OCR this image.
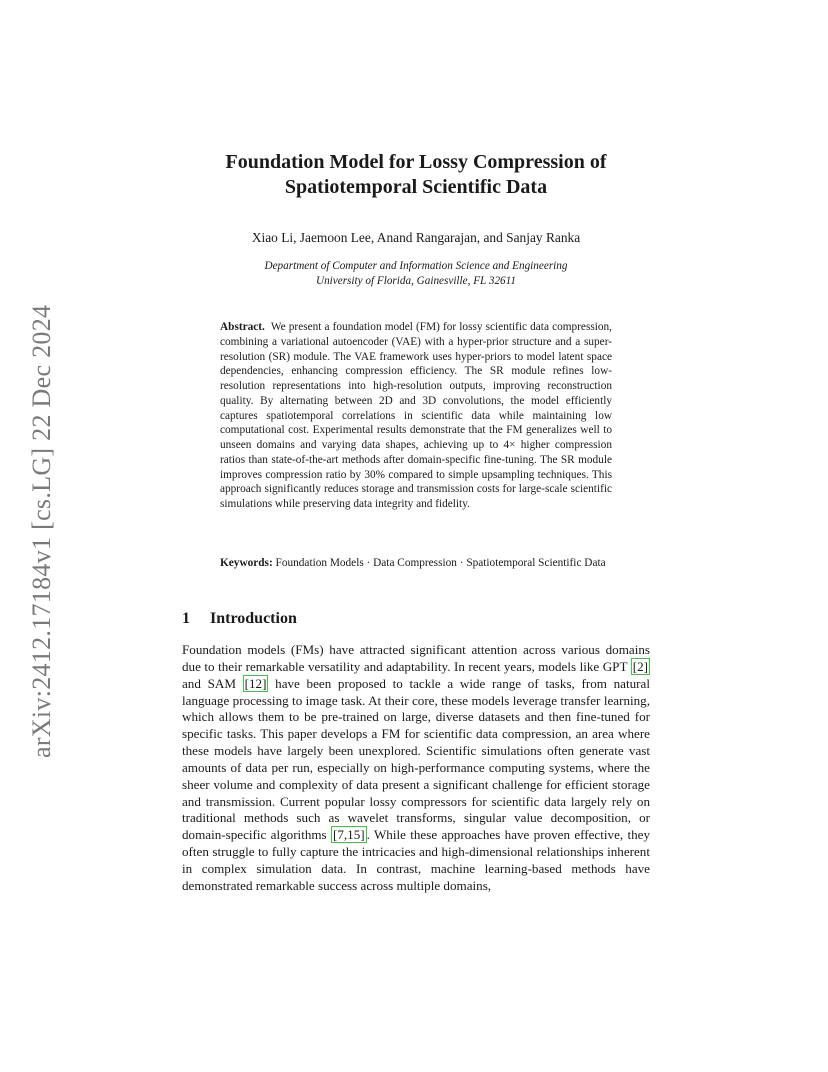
arXiv:2412.17184v1 [cs.LG] 22 Dec 2024
Foundation Model for Lossy Compression of
Spatiotemporal Scientific Data
Xiao Li, Jaemoon Lee, Anand Rangarajan, and Sanjay Ranka
Department of Computer and Information Science and Engineering
University of Florida, Gainesville, FL 32611

Abstract. We present a foundation model (FM) for lossy scientific data compression, combining a variational autoencoder (VAE) with a hyper-prior structure and a super-resolution (SR) module. The VAE framework uses hyper-priors to model latent space dependencies, enhancing compression efficiency. The SR module refines low-resolution representations into high-resolution outputs, improving reconstruction quality. By alternating between 2D and 3D convolutions, the model efficiently captures spatiotemporal correlations in scientific data while maintaining low computational cost. Experimental results demonstrate that the FM generalizes well to unseen domains and varying data shapes, achieving up to 4× higher compression ratios than state-of-the-art methods after domain-specific fine-tuning. The SR module improves compression ratio by 30% compared to simple upsampling techniques. This approach significantly reduces storage and transmission costs for large-scale scientific simulations while preserving data integrity and fidelity.

Keywords: Foundation Models · Data Compression · Spatiotemporal Scientific Data

1 Introduction

Foundation models (FMs) have attracted significant attention across various domains due to their remarkable versatility and adaptability. In recent years, models like GPT [2] and SAM [12] have been proposed to tackle a wide range of tasks, from natural language processing to image task. At their core, these models leverage transfer learning, which allows them to be pre-trained on large, diverse datasets and then fine-tuned for specific tasks. This paper develops a FM for scientific data compression, an area where these models have largely been unexplored. Scientific simulations often generate vast amounts of data per run, especially on high-performance computing systems, where the sheer volume and complexity of data present a significant challenge for efficient storage and transmission. Current popular lossy compressors for scientific data largely rely on traditional methods such as wavelet transforms, singular value decomposition, or domain-specific algorithms [7,15] . While these approaches have proven effective, they often struggle to fully capture the intricacies and high-dimensional relationships inherent in complex simulation data. In contrast, machine learning-based methods have demonstrated remarkable success across multiple domains,
